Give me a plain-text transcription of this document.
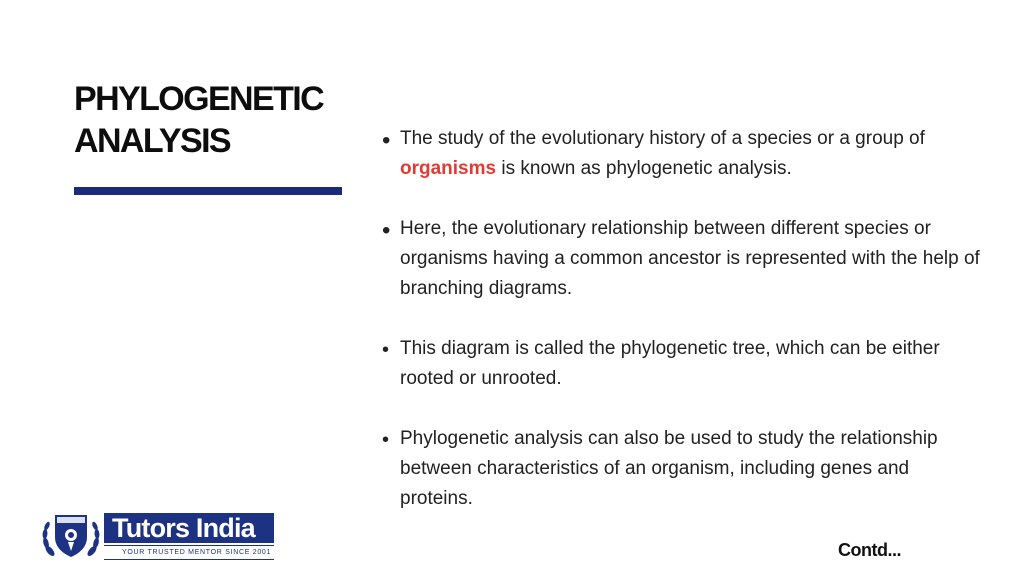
PHYLOGENETIC
ANALYSIS	• The study of the evolutionary history of a species or a group of organisms is known as phylogenetic analysis.
• Here, the evolutionary relationship between different species or organisms having a common ancestor is represented with the help of branching diagrams.
• This diagram is called the phylogenetic tree, which can be either rooted or unrooted.
• Phylogenetic analysis can also be used to study the relationship between characteristics of an organism, including genes and proteins.
Tutors India
YOUR TRUSTED MENTOR SINCE 2001	Contd...
